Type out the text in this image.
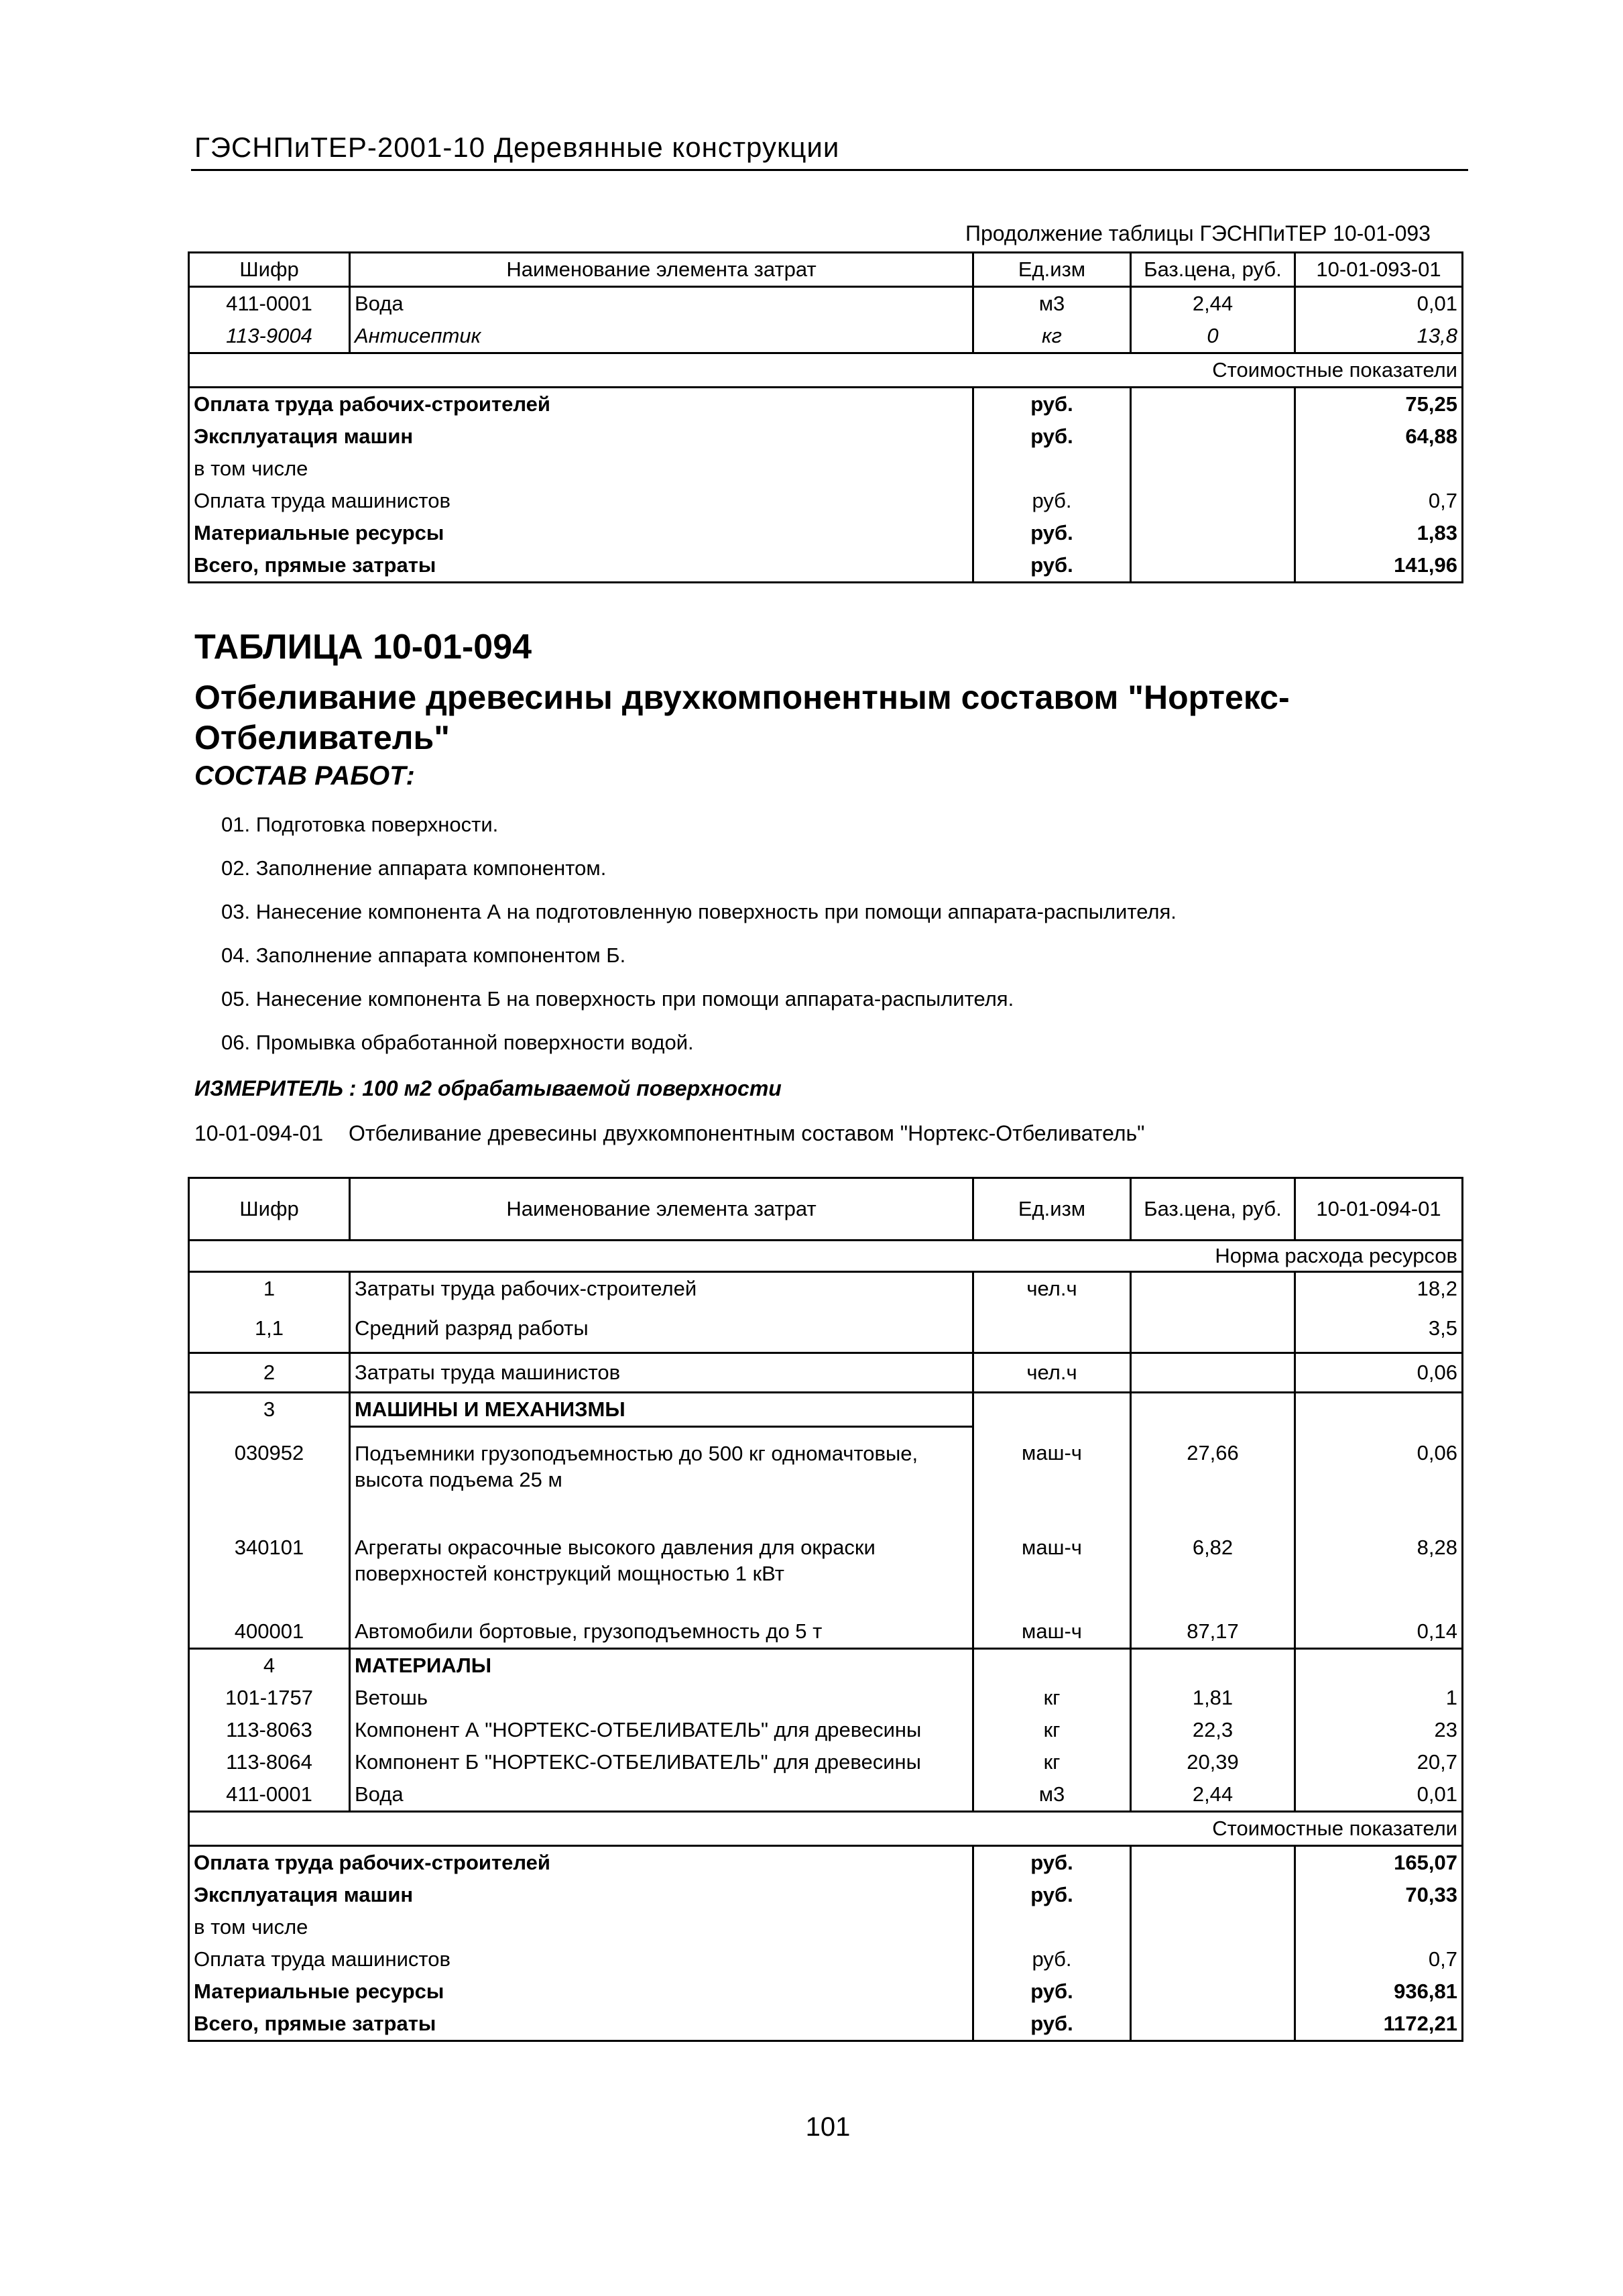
ГЭСНПиТЕР-2001-10 Деревянные конструкции
Продолжение таблицы ГЭСНПиТЕР 10-01-093
Шифр	Наименование элемента затрат	Ед.изм	Баз.цена, руб.	10-01-093-01
411-0001	Вода	м3	2,44	0,01
113-9004	Антисептик	кг	0	13,8
Стоимостные показатели				
Оплата труда рабочих-строителей		руб.		75,25
Эксплуатация машин		руб.		64,88
в том числе				
Оплата труда машинистов		руб.		0,7
Материальные ресурсы		руб.		1,83
Всего, прямые затраты		руб.		141,96
ТАБЛИЦА 10-01-094
Отбеливание древесины двухкомпонентным составом "Нортекс-Отбеливатель"
СОСТАВ РАБОТ:
01. Подготовка поверхности.
02. Заполнение аппарата компонентом.
03. Нанесение компонента А на подготовленную поверхность при помощи аппарата-распылителя.
04. Заполнение аппарата компонентом Б.
05. Нанесение компонента Б на поверхность при помощи аппарата-распылителя.
06. Промывка обработанной поверхности водой.
ИЗМЕРИТЕЛЬ : 100 м2 обрабатываемой поверхности
10-01-094-01 Отбеливание древесины двухкомпонентным составом "Нортекс-Отбеливатель"
Шифр	Наименование элемента затрат	Ед.изм	Баз.цена, руб.	10-01-094-01
Норма расхода ресурсов				
1	Затраты труда рабочих-строителей	чел.ч		18,2
1,1	Средний разряд работы			3,5
2	Затраты труда машинистов	чел.ч		0,06
3	МАШИНЫ И МЕХАНИЗМЫ			
030952	Подъемники грузоподъемностью до 500 кг одномачтовые, высота подъема 25 м	маш-ч	27,66	0,06
340101	Агрегаты окрасочные высокого давления для окраски поверхностей конструкций мощностью 1 кВт	маш-ч	6,82	8,28
400001	Автомобили бортовые, грузоподъемность до 5 т	маш-ч	87,17	0,14
4	МАТЕРИАЛЫ			
101-1757	Ветошь	кг	1,81	1
113-8063	Компонент А "НОРТЕКС-ОТБЕЛИВАТЕЛЬ" для древесины	кг	22,3	23
113-8064	Компонент Б "НОРТЕКС-ОТБЕЛИВАТЕЛЬ" для древесины	кг	20,39	20,7
411-0001	Вода	м3	2,44	0,01
Стоимостные показатели				
Оплата труда рабочих-строителей		руб.		165,07
Эксплуатация машин		руб.		70,33
в том числе				
Оплата труда машинистов		руб.		0,7
Материальные ресурсы		руб.		936,81
Всего, прямые затраты		руб.		1172,21
101
